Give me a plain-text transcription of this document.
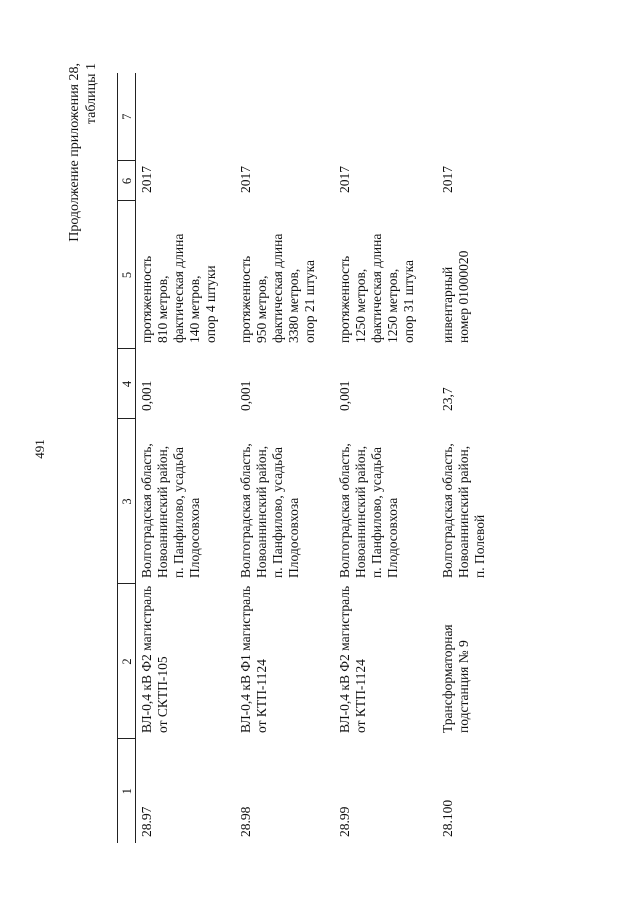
491
Продолжение приложения 28, таблицы 1
1	2	3	4	5	6	7
28.97	ВЛ-0,4 кВ Ф2 магистраль от СКТП-105	Волгоградская область, Новоаннинский район, п. Панфилово, усадьба Плодосовхоза	0,001	протяженность 810 метров, фактическая длина 140 метров, опор 4 штуки	2017	
28.98	ВЛ-0,4 кВ Ф1 магистраль от КТП-1124	Волгоградская область, Новоаннинский район, п. Панфилово, усадьба Плодосовхоза	0,001	протяженность 950 метров, фактическая длина 3380 метров, опор 21 штука	2017	
28.99	ВЛ-0,4 кВ Ф2 магистраль от КТП-1124	Волгоградская область, Новоаннинский район, п. Панфилово, усадьба Плодосовхоза	0,001	протяженность 1250 метров, фактическая длина 1250 метров, опор 31 штука	2017	
28.100	Трансформаторная подстанция № 9	Волгоградская область, Новоаннинский район, п. Полевой	23,7	инвентарный номер 01000020	2017	
